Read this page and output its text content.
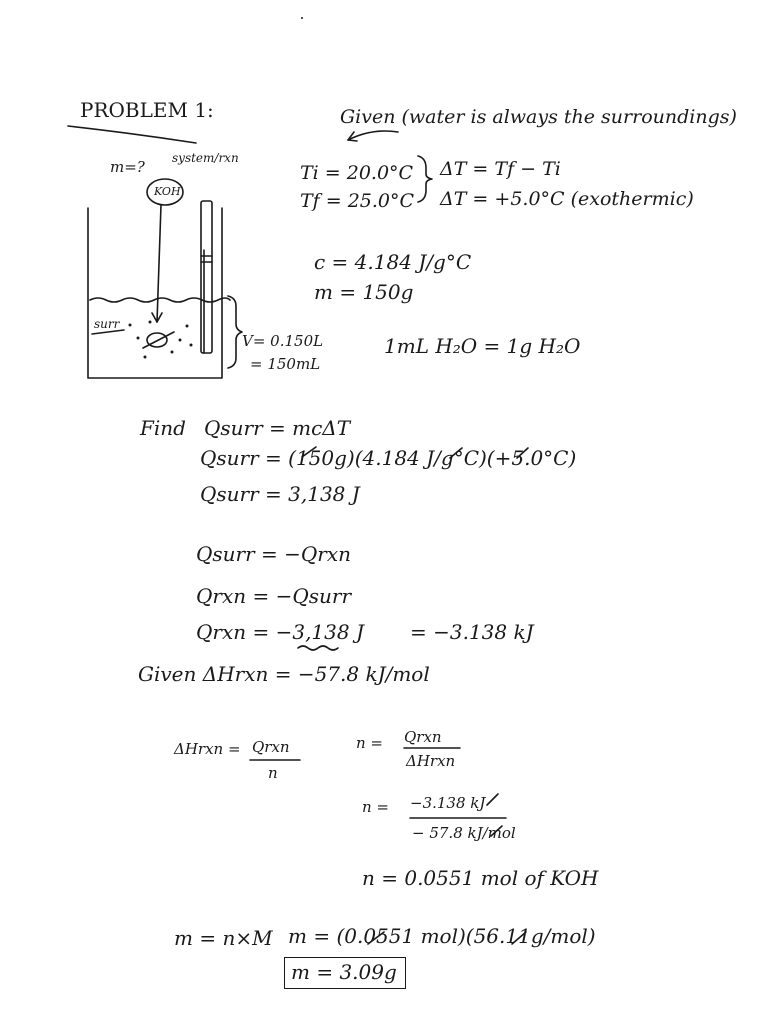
PROBLEM 1:	Given (water is always the surroundings)
m=? system/rxn
KOH
surr
V= 0.150L
= 150mL
Ti = 20.0°C
Tf = 25.0°C
ΔT = Tf − Ti
ΔT = +5.0°C (exothermic)
c = 4.184 J/g°C
m = 150g
1mL H₂O = 1g H₂O
Find Qsurr = mcΔT
Qsurr = (150g)(4.184 J/g°C)(+5.0°C)
Qsurr = 3,138 J
Qsurr = −Qrxn
Qrxn = −Qsurr
Qrxn = −3,138 J = −3.138 kJ
Given ΔHrxn = −57.8 kJ/mol
ΔHrxn = Qrxn
n
n = Qrxn
ΔHrxn
n = −3.138 kJ
− 57.8 kJ/mol
n = 0.0551 mol of KOH
m = n×M m = (0.0551 mol)(56.11g/mol)
m = 3.09g
